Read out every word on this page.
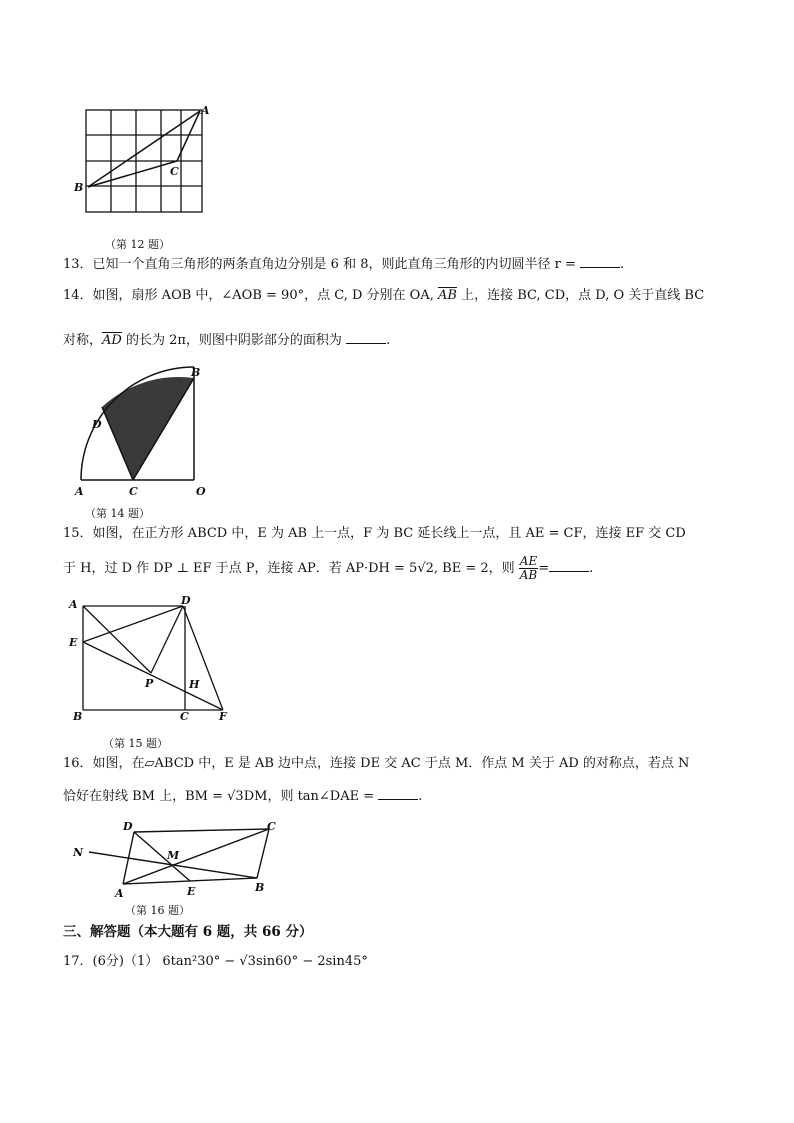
A
B
C
（第 12 题）
13．已知一个直角三角形的两条直角边分别是 6 和 8，则此直角三角形的内切圆半径 r =	.
14．如图，扇形 AOB 中，∠AOB = 90°，点 C, D 分别在 OA, $\overline{AB}$ 上，连接 BC, CD，点 D, O 关于直线 BC
对称，$\overline{AD}$ 的长为 2π，则图中阴影部分的面积为	.
A
B
C
D
O
（第 14 题）
15．如图，在正方形 ABCD 中，E 为 AB 上一点，F 为 BC 延长线上一点，且 AE = CF，连接 EF 交 CD
于 H，过 D 作 DP ⊥ EF 于点 P，连接 AP．若 AP·DH = 5√2, BE = 2，则 $\frac{AE}{AB}$ =	.
A	D
E
P	H
B	C	F
（第 15 题）
16．如图，在▱ABCD 中，E 是 AB 边中点，连接 DE 交 AC 于点 M．作点 M 关于 AD 的对称点，若点 N
恰好在射线 BM 上，BM = √3DM，则 tan∠DAE =	.
D	C
N	M
A	E	B
（第 16 题）
三、解答题（本大题有 6 题，共 66 分）
17．(6分)（1） 6tan²30° − √3sin60° − 2sin45°
